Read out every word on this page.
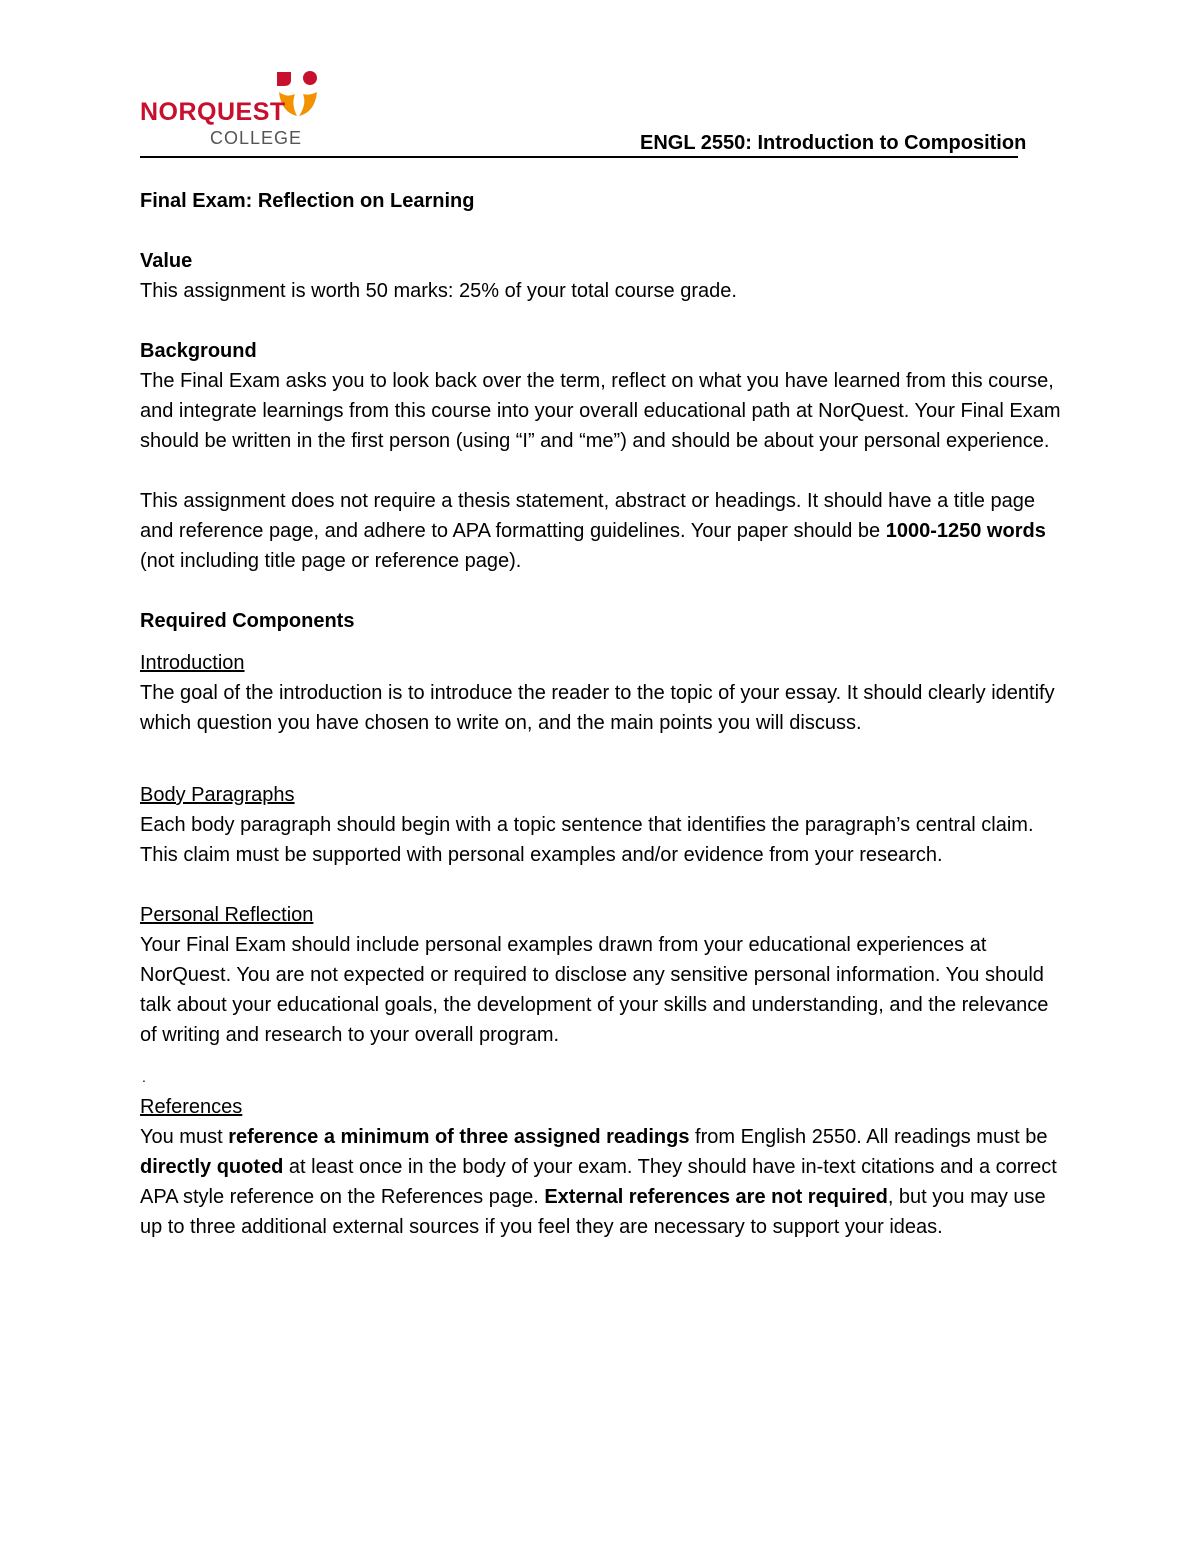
NORQUEST
COLLEGE	ENGL 2550: Introduction to Composition

Final Exam: Reflection on Learning

Value

This assignment is worth 50 marks: 25% of your total course grade.

Background

The Final Exam asks you to look back over the term, reflect on what you have learned from this course, and integrate learnings from this course into your overall educational path at NorQuest. Your Final Exam should be written in the first person (using “I” and “me”) and should be about your personal experience.

This assignment does not require a thesis statement, abstract or headings. It should have a title page and reference page, and adhere to APA formatting guidelines. Your paper should be 1000-1250 words (not including title page or reference page).

Required Components

Introduction

The goal of the introduction is to introduce the reader to the topic of your essay. It should clearly identify which question you have chosen to write on, and the main points you will discuss.

Body Paragraphs

Each body paragraph should begin with a topic sentence that identifies the paragraph’s central claim. This claim must be supported with personal examples and/or evidence from your research.

Personal Reflection

Your Final Exam should include personal examples drawn from your educational experiences at NorQuest. You are not expected or required to disclose any sensitive personal information. You should talk about your educational goals, the development of your skills and understanding, and the relevance of writing and research to your overall program.

.

References

You must reference a minimum of three assigned readings from English 2550. All readings must be directly quoted at least once in the body of your exam. They should have in-text citations and a correct APA style reference on the References page. External references are not required, but you may use up to three additional external sources if you feel they are necessary to support your ideas.
